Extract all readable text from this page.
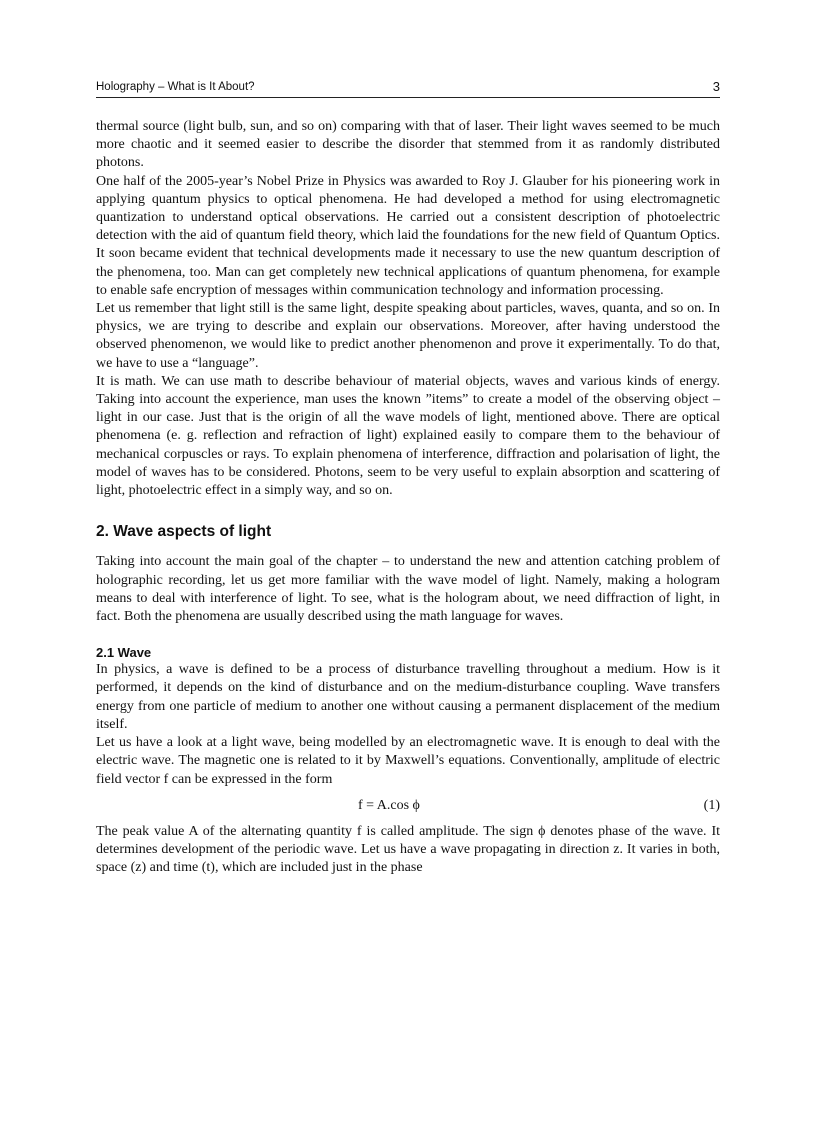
Holography – What is It About?	3

thermal source (light bulb, sun, and so on) comparing with that of laser. Their light waves seemed to be much more chaotic and it seemed easier to describe the disorder that stemmed from it as randomly distributed photons.

One half of the 2005-year’s Nobel Prize in Physics was awarded to Roy J. Glauber for his pioneering work in applying quantum physics to optical phenomena. He had developed a method for using electromagnetic quantization to understand optical observations. He carried out a consistent description of photoelectric detection with the aid of quantum field theory, which laid the foundations for the new field of Quantum Optics. It soon became evident that technical developments made it necessary to use the new quantum description of the phenomena, too. Man can get completely new technical applications of quantum phenomena, for example to enable safe encryption of messages within communication technology and information processing.

Let us remember that light still is the same light, despite speaking about particles, waves, quanta, and so on. In physics, we are trying to describe and explain our observations. Moreover, after having understood the observed phenomenon, we would like to predict another phenomenon and prove it experimentally. To do that, we have to use a “language”.

It is math. We can use math to describe behaviour of material objects, waves and various kinds of energy. Taking into account the experience, man uses the known ”items” to create a model of the observing object – light in our case. Just that is the origin of all the wave models of light, mentioned above. There are optical phenomena (e. g. reflection and refraction of light) explained easily to compare them to the behaviour of mechanical corpuscles or rays. To explain phenomena of interference, diffraction and polarisation of light, the model of waves has to be considered. Photons, seem to be very useful to explain absorption and scattering of light, photoelectric effect in a simply way, and so on.

2. Wave aspects of light

Taking into account the main goal of the chapter – to understand the new and attention catching problem of holographic recording, let us get more familiar with the wave model of light. Namely, making a hologram means to deal with interference of light. To see, what is the hologram about, we need diffraction of light, in fact. Both the phenomena are usually described using the math language for waves.

2.1 Wave

In physics, a wave is defined to be a process of disturbance travelling throughout a medium. How is it performed, it depends on the kind of disturbance and on the medium-disturbance coupling. Wave transfers energy from one particle of medium to another one without causing a permanent displacement of the medium itself.

Let us have a look at a light wave, being modelled by an electromagnetic wave. It is enough to deal with the electric wave. The magnetic one is related to it by Maxwell’s equations. Conventionally, amplitude of electric field vector f can be expressed in the form

f = A.cos ϕ	(1)

The peak value A of the alternating quantity f is called amplitude. The sign ϕ denotes phase of the wave. It determines development of the periodic wave. Let us have a wave propagating in direction z. It varies in both, space (z) and time (t), which are included just in the phase
